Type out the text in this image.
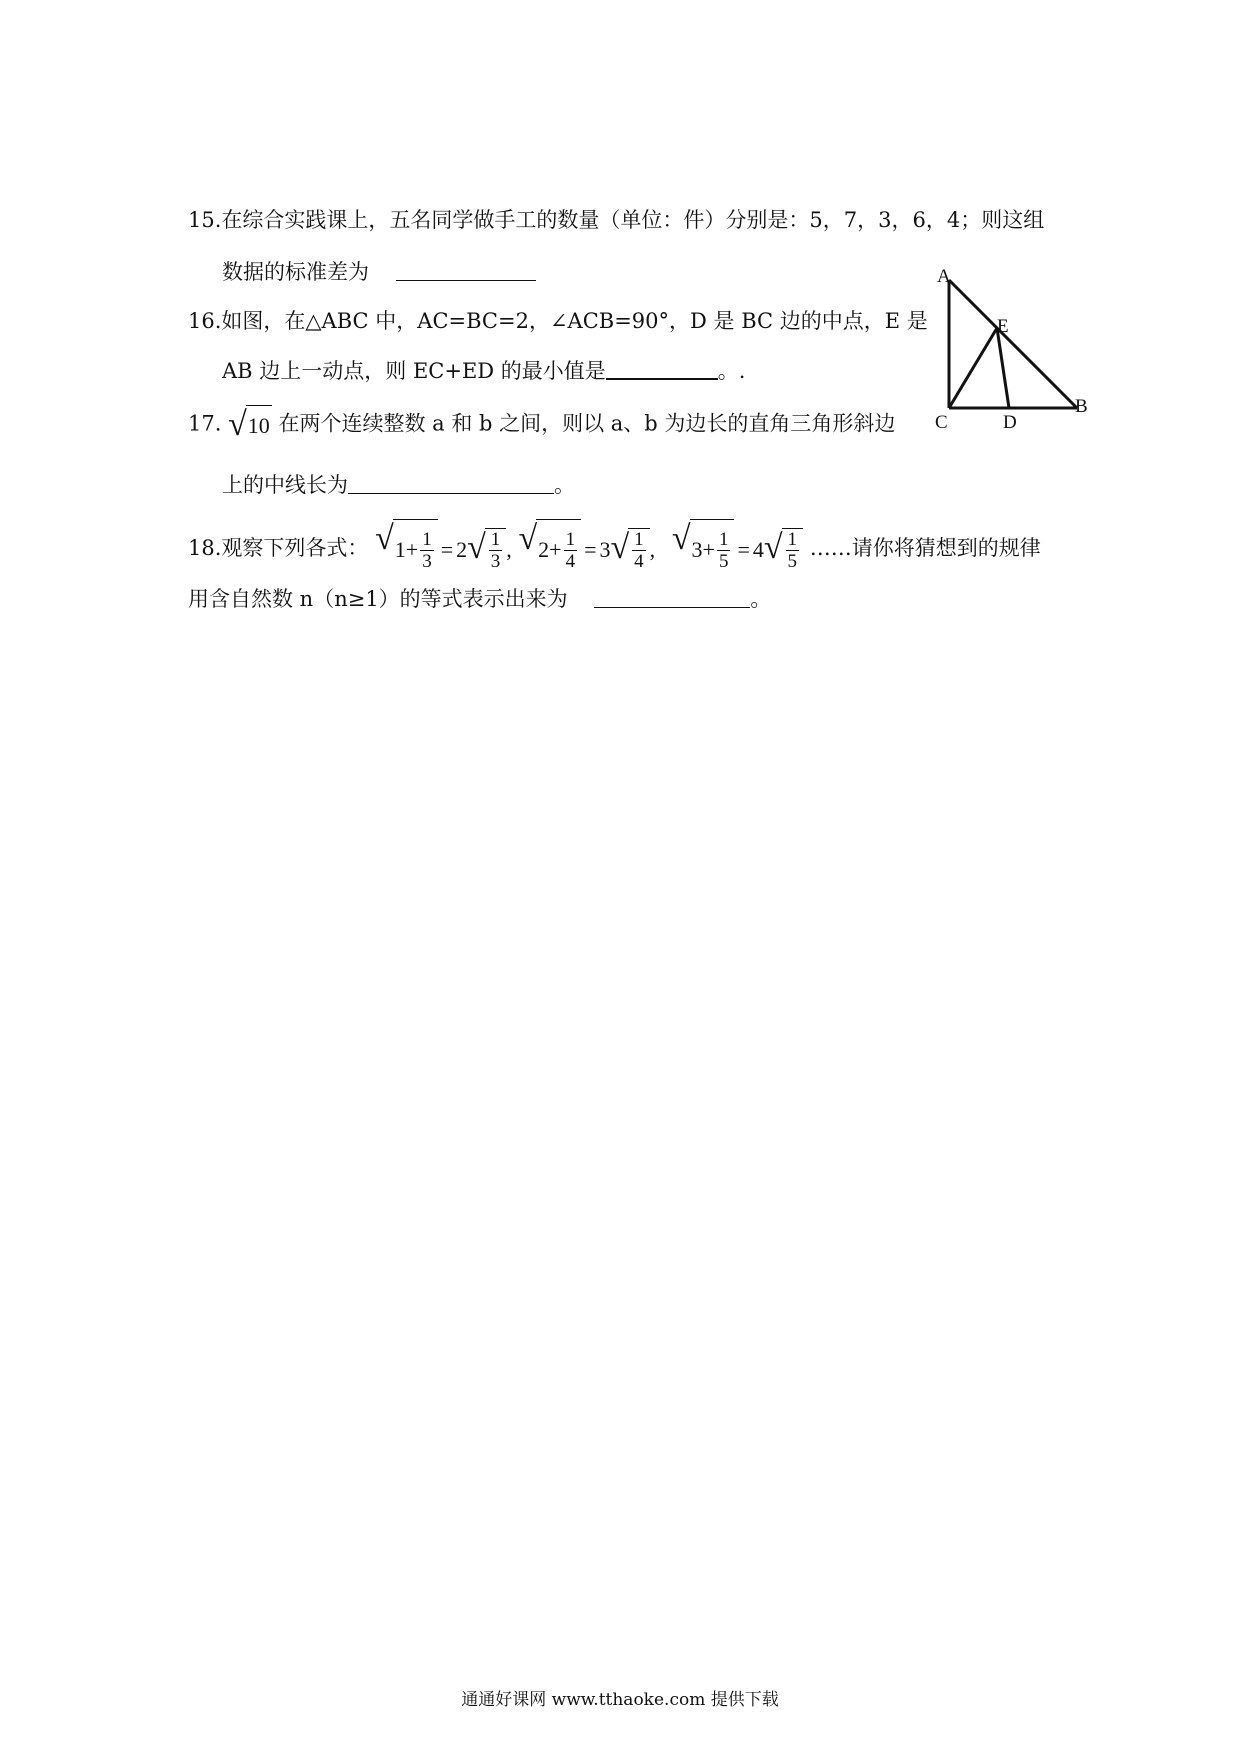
15.在综合实践课上，五名同学做手工的数量（单位：件）分别是：5，7，3，6，4；则这组
数据的标准差为
16.如图，在△ABC 中，AC=BC=2，∠ACB=90°，D 是 BC 边的中点，E 是
AB 边上一动点，则 EC+ED 的最小值是	。.
A
E
C	D
B
17. √ 10 在两个连续整数 a 和 b 之间，则以 a、b 为边长的直角三角形斜边
上的中线长为	。
18.观察下列各式： √ $1 + \frac{1}{3} = 2$ √ $\frac{1}{3}$ ,
√ $2 + \frac{1}{4} = 3$ √ $\frac{1}{4}$ ,
√ $3 + \frac{1}{5} = 4$ √ $\frac{1}{5}$ ……请你将猜想到的规律
用含自然数 n（n≥1）的等式表示出来为	。
通通好课网 www.tthaoke.com 提供下载
